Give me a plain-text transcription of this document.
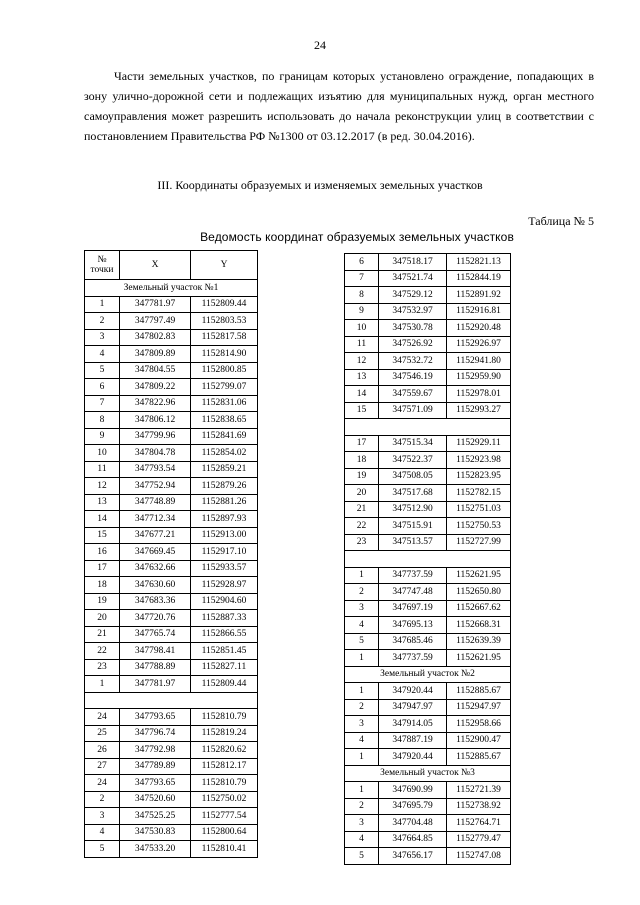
24

Части земельных участков, по границам которых установлено ограждение, попадающих в зону улично-дорожной сети и подлежащих изъятию для муниципальных нужд, орган местного самоуправления может разрешить использовать до начала реконструкции улиц в соответствии с постановлением Правительства РФ №1300 от 03.12.2017 (в ред. 30.04.2016).

III. Координаты образуемых и изменяемых земельных участков
Таблица № 5
Ведомость координат образуемых земельных участков
№
точки	X	Y
Земельный участок №1		
1	347781.97	1152809.44
2	347797.49	1152803.53
3	347802.83	1152817.58
4	347809.89	1152814.90
5	347804.55	1152800.85
6	347809.22	1152799.07
7	347822.96	1152831.06
8	347806.12	1152838.65
9	347799.96	1152841.69
10	347804.78	1152854.02
11	347793.54	1152859.21
12	347752.94	1152879.26
13	347748.89	1152881.26
14	347712.34	1152897.93
15	347677.21	1152913.00
16	347669.45	1152917.10
17	347632.66	1152933.57
18	347630.60	1152928.97
19	347683.36	1152904.60
20	347720.76	1152887.33
21	347765.74	1152866.55
22	347798.41	1152851.45
23	347788.89	1152827.11
1	347781.97	1152809.44

24	347793.65	1152810.79
25	347796.74	1152819.24
26	347792.98	1152820.62
27	347789.89	1152812.17
24	347793.65	1152810.79
2	347520.60	1152750.02
3	347525.25	1152777.54
4	347530.83	1152800.64
5	347533.20	1152810.41
6	347518.17	1152821.13
7	347521.74	1152844.19
8	347529.12	1152891.92
9	347532.97	1152916.81
10	347530.78	1152920.48
11	347526.92	1152926.97
12	347532.72	1152941.80
13	347546.19	1152959.90
14	347559.67	1152978.01
15	347571.09	1152993.27

17	347515.34	1152929.11
18	347522.37	1152923.98
19	347508.05	1152823.95
20	347517.68	1152782.15
21	347512.90	1152751.03
22	347515.91	1152750.53
23	347513.57	1152727.99

1	347737.59	1152621.95
2	347747.48	1152650.80
3	347697.19	1152667.62
4	347695.13	1152668.31
5	347685.46	1152639.39
1	347737.59	1152621.95
Земельный участок №2		
1	347920.44	1152885.67
2	347947.97	1152947.97
3	347914.05	1152958.66
4	347887.19	1152900.47
1	347920.44	1152885.67
Земельный участок №3		
1	347690.99	1152721.39
2	347695.79	1152738.92
3	347704.48	1152764.71
4	347664.85	1152779.47
5	347656.17	1152747.08
